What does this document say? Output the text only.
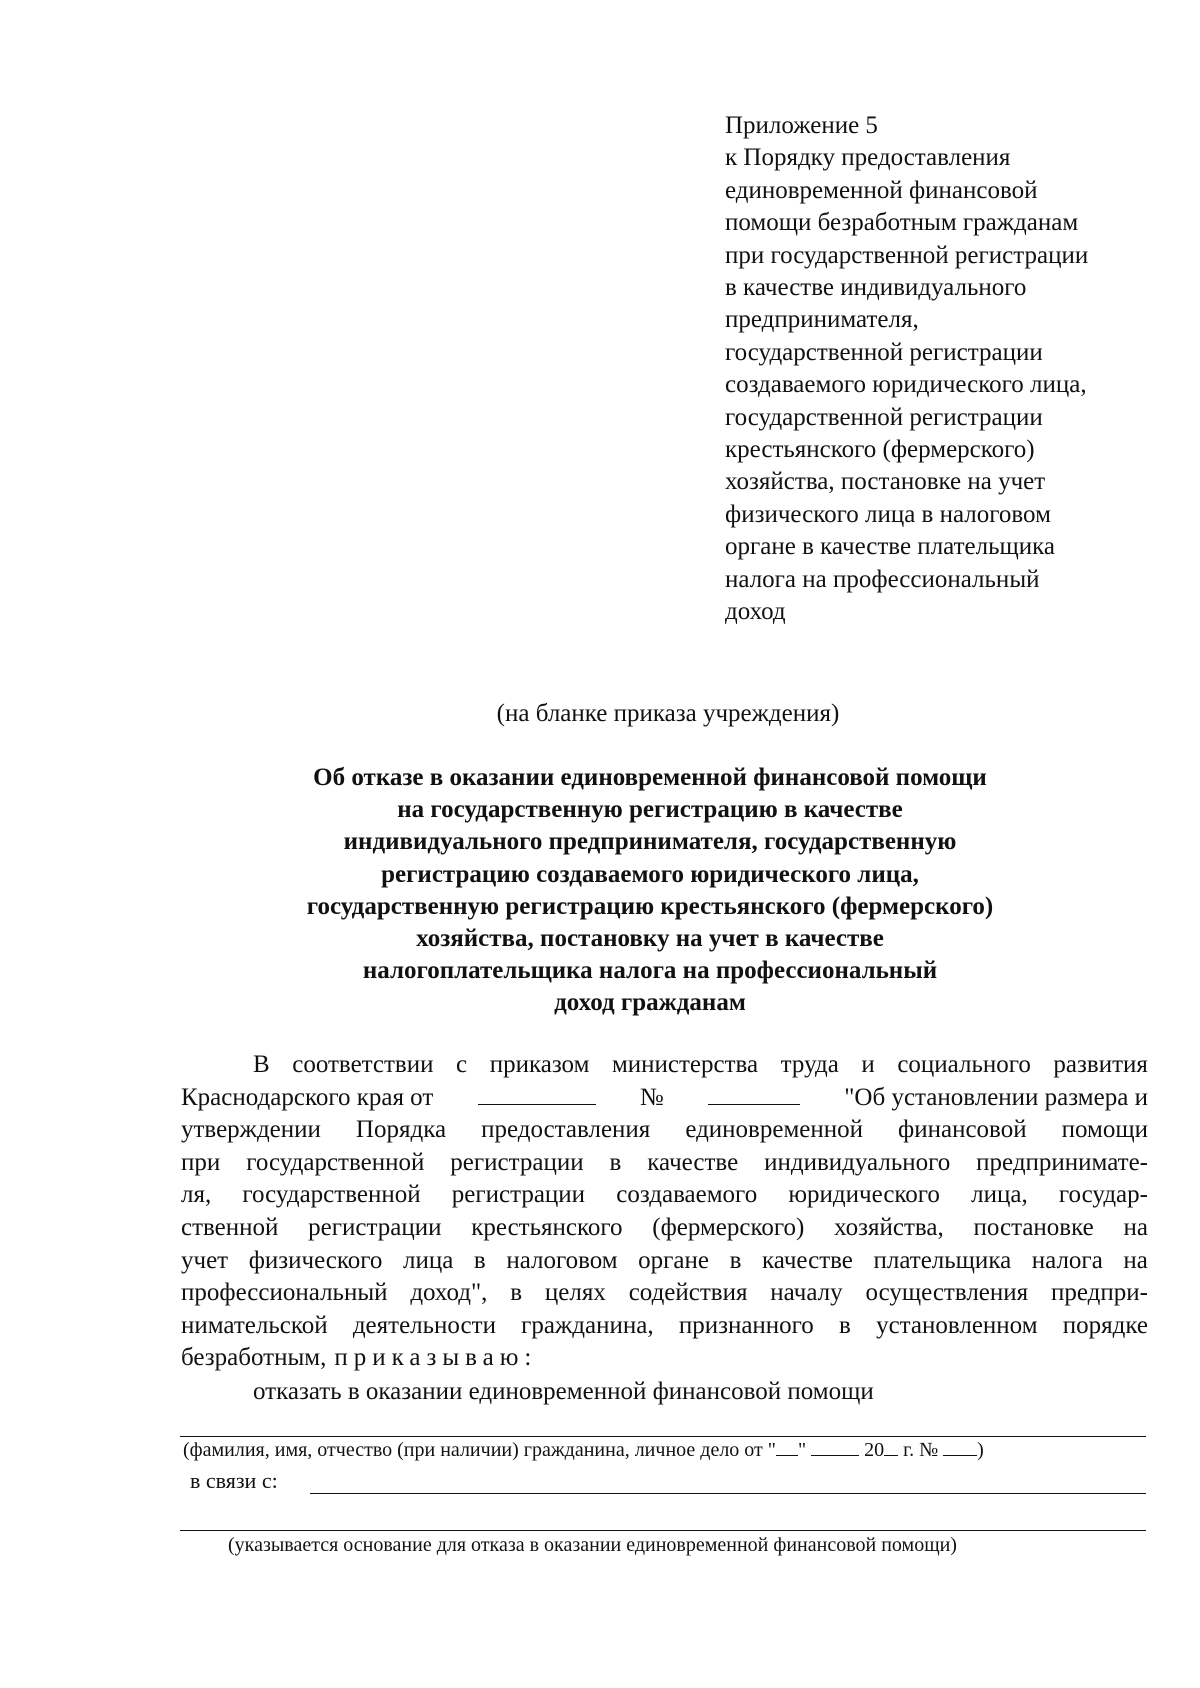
Приложение 5
к Порядку предоставления
единовременной финансовой
помощи безработным гражданам
при государственной регистрации
в качестве индивидуального
предпринимателя,
государственной регистрации
создаваемого юридического лица,
государственной регистрации
крестьянского (фермерского)
хозяйства, постановке на учет
физического лица в налоговом
органе в качестве плательщика
налога на профессиональный
доход
(на бланке приказа учреждения)
Об отказе в оказании единовременной финансовой помощи
на государственную регистрацию в качестве
индивидуального предпринимателя, государственную
регистрацию создаваемого юридического лица,
государственную регистрацию крестьянского (фермерского)
хозяйства, постановку на учет в качестве
налогоплательщика налога на профессиональный
доход гражданам
В соответствии с приказом министерства труда и социального развития
Краснодарского края от	№	"Об установлении размера и
утверждении Порядка предоставления единовременной финансовой помощи
при государственной регистрации в качестве индивидуального предпринимате-
ля, государственной регистрации создаваемого юридического лица, государ-
ственной регистрации крестьянского (фермерского) хозяйства, постановке на
учет физического лица в налоговом органе в качестве плательщика налога на
профессиональный доход", в целях содействия началу осуществления предпри-
нимательской деятельности гражданина, признанного в установленном порядке
безработным, приказываю:
отказать в оказании единовременной финансовой помощи
(фамилия, имя, отчество (при наличии) гражданина, личное дело от " "	20 г. № )
в связи с:
(указывается основание для отказа в оказании единовременной финансовой помощи)
